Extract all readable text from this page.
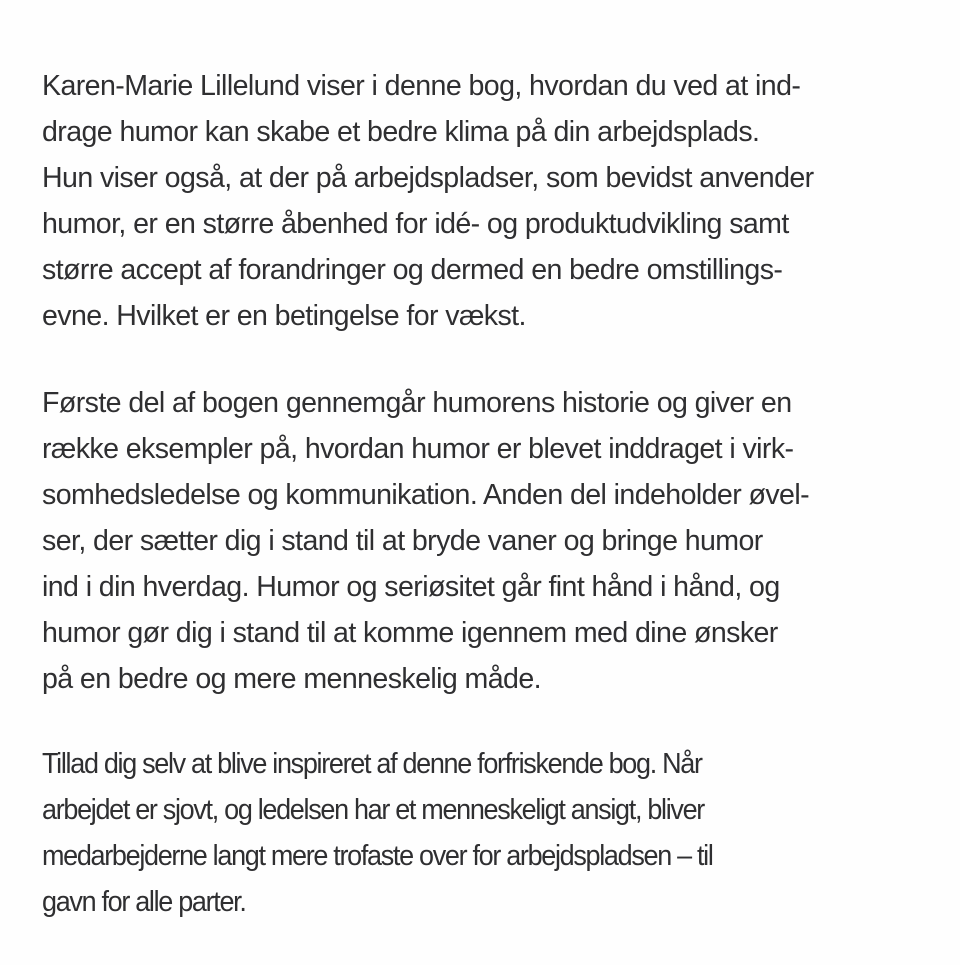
Karen-Marie Lillelund viser i denne bog, hvordan du ved at ind-
drage humor kan skabe et bedre klima på din arbejdsplads.
Hun viser også, at der på arbejdspladser, som bevidst anvender
humor, er en større åbenhed for idé- og produktudvikling samt
større accept af forandringer og dermed en bedre omstillings-
evne. Hvilket er en betingelse for vækst.
Første del af bogen gennemgår humorens historie og giver en
række eksempler på, hvordan humor er blevet inddraget i virk-
somhedsledelse og kommunikation. Anden del indeholder øvel-
ser, der sætter dig i stand til at bryde vaner og bringe humor
ind i din hverdag. Humor og seriøsitet går fint hånd i hånd, og
humor gør dig i stand til at komme igennem med dine ønsker
på en bedre og mere menneskelig måde.
Tillad dig selv at blive inspireret af denne forfriskende bog. Når
arbejdet er sjovt, og ledelsen har et menneskeligt ansigt, bliver
medarbejderne langt mere trofaste over for arbejdspladsen – til
gavn for alle parter.
